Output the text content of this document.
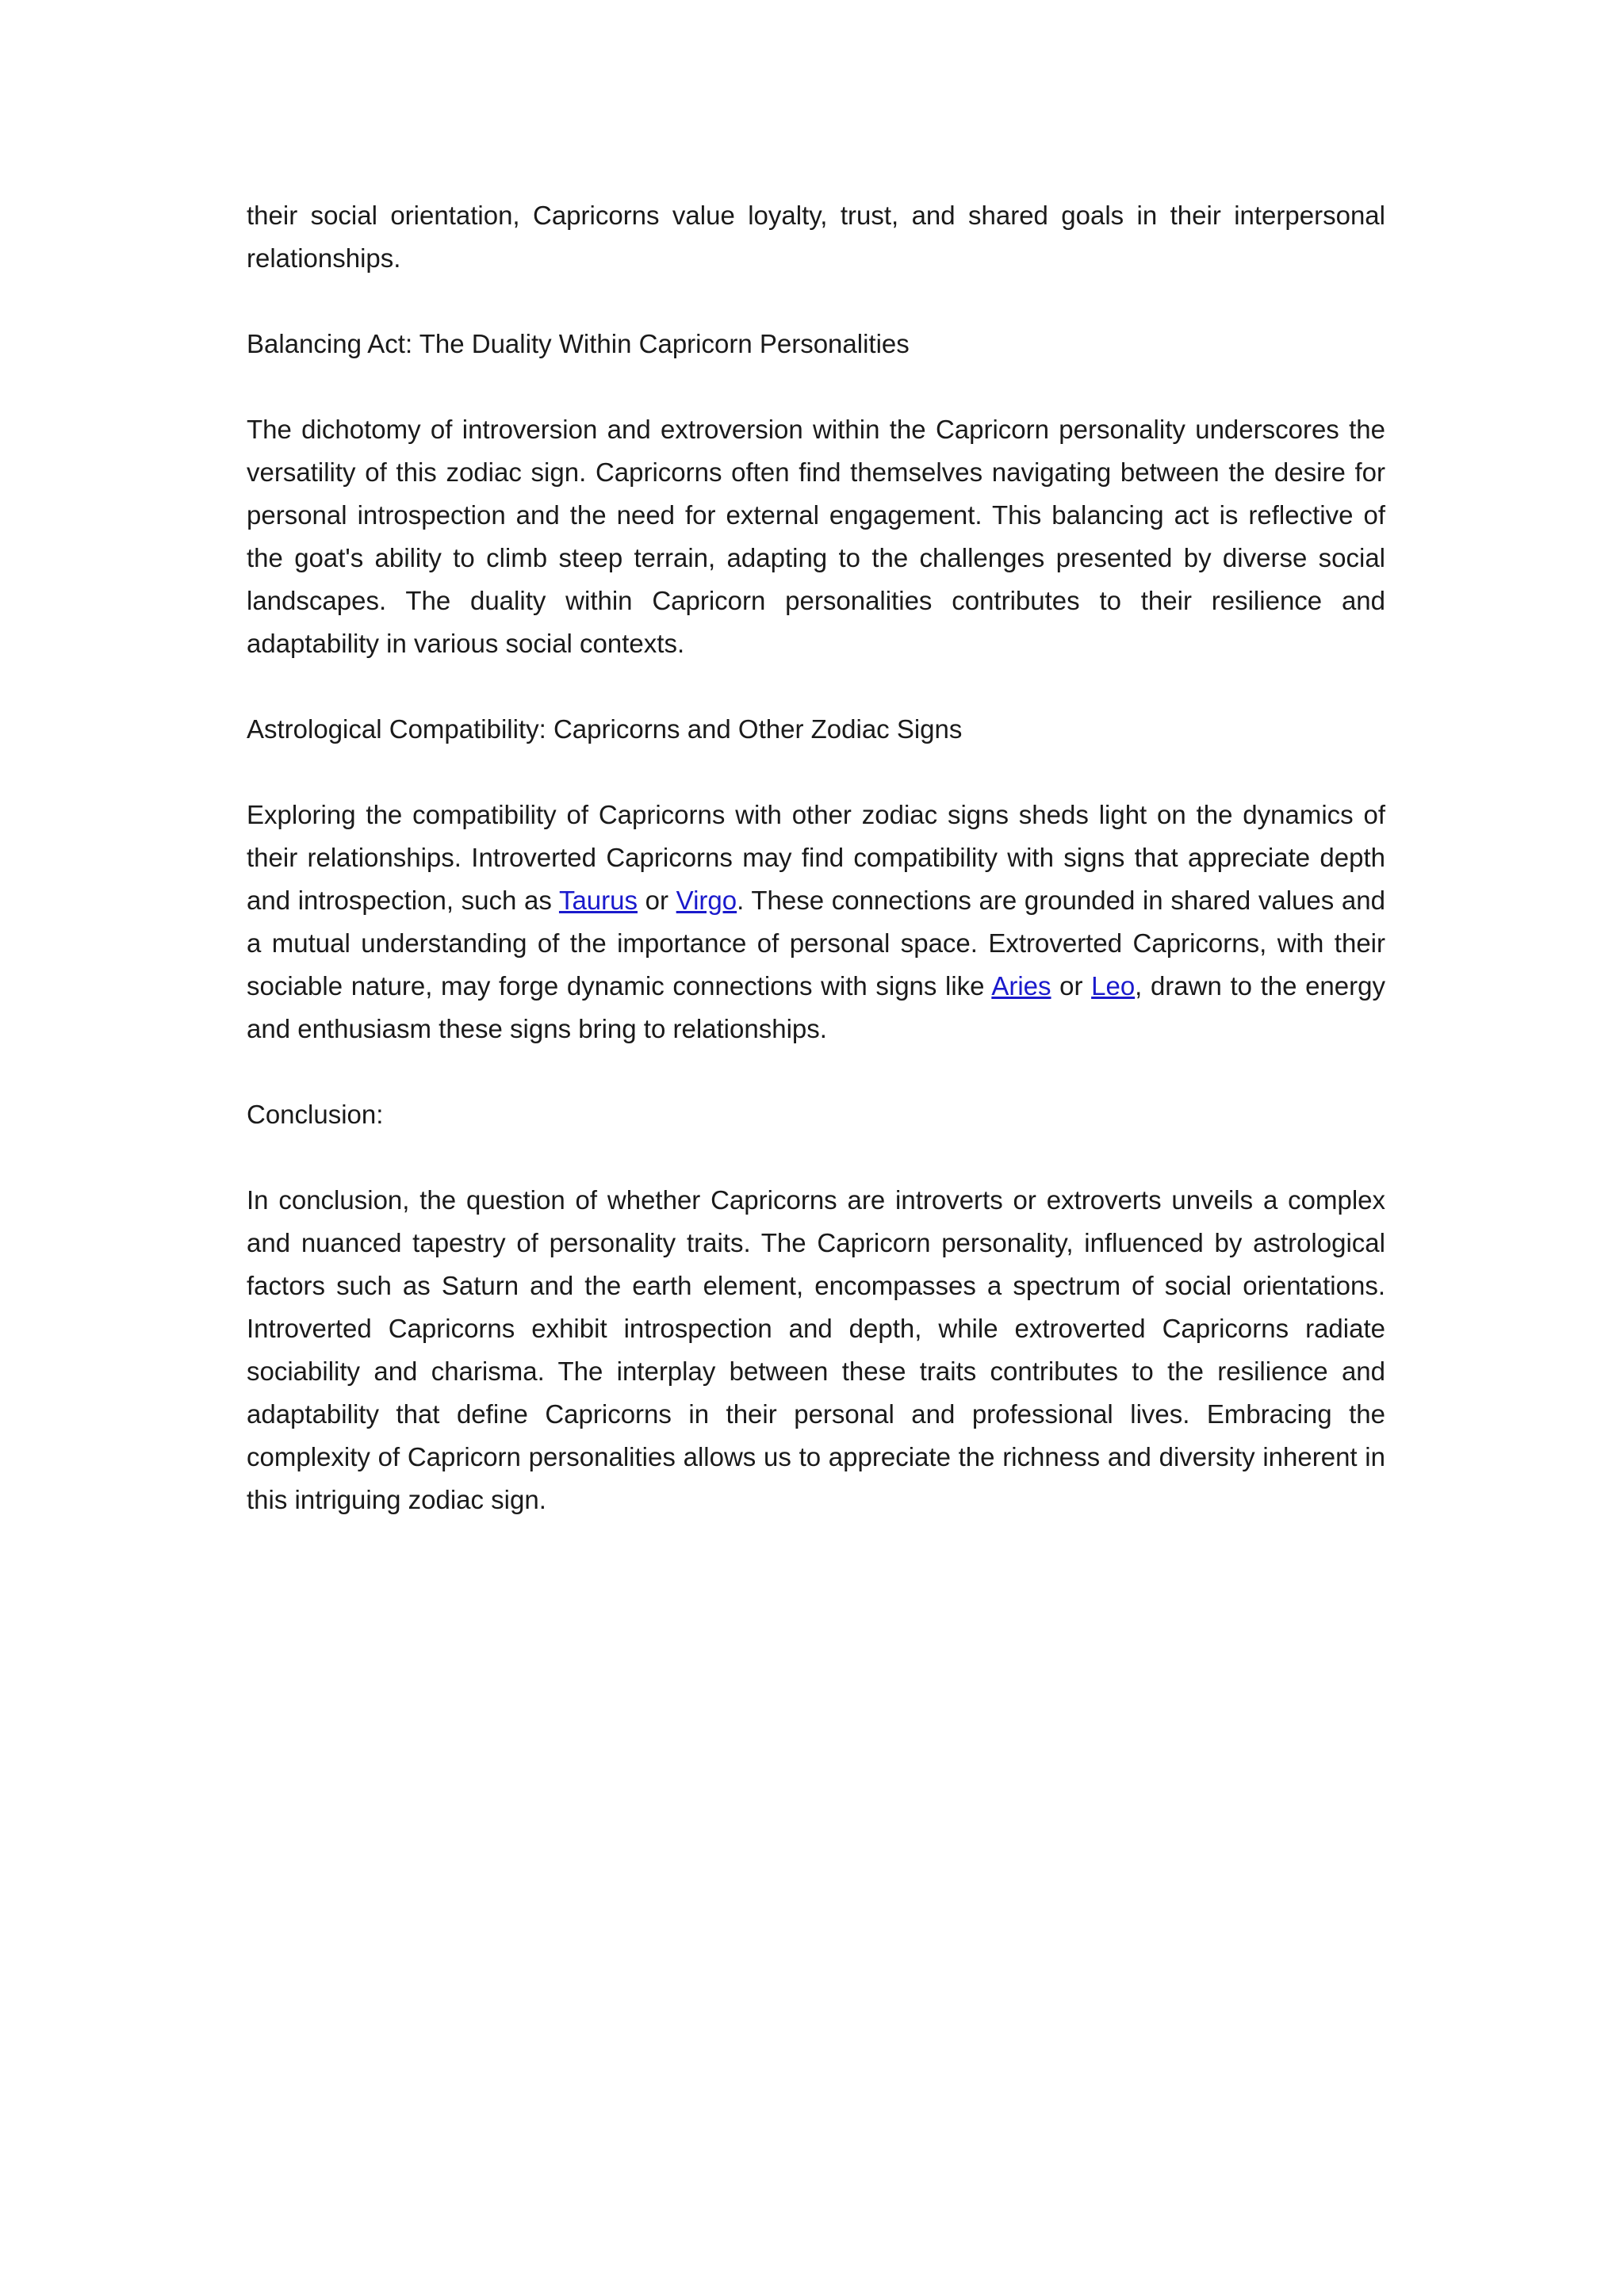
their social orientation, Capricorns value loyalty, trust, and shared goals in their interpersonal relationships.

Balancing Act: The Duality Within Capricorn Personalities

The dichotomy of introversion and extroversion within the Capricorn personality underscores the versatility of this zodiac sign. Capricorns often find themselves navigating between the desire for personal introspection and the need for external engagement. This balancing act is reflective of the goat's ability to climb steep terrain, adapting to the challenges presented by diverse social landscapes. The duality within Capricorn personalities contributes to their resilience and adaptability in various social contexts.

Astrological Compatibility: Capricorns and Other Zodiac Signs

Exploring the compatibility of Capricorns with other zodiac signs sheds light on the dynamics of their relationships. Introverted Capricorns may find compatibility with signs that appreciate depth and introspection, such as Taurus or Virgo. These connections are grounded in shared values and a mutual understanding of the importance of personal space. Extroverted Capricorns, with their sociable nature, may forge dynamic connections with signs like Aries or Leo, drawn to the energy and enthusiasm these signs bring to relationships.

Conclusion:

In conclusion, the question of whether Capricorns are introverts or extroverts unveils a complex and nuanced tapestry of personality traits. The Capricorn personality, influenced by astrological factors such as Saturn and the earth element, encompasses a spectrum of social orientations. Introverted Capricorns exhibit introspection and depth, while extroverted Capricorns radiate sociability and charisma. The interplay between these traits contributes to the resilience and adaptability that define Capricorns in their personal and professional lives. Embracing the complexity of Capricorn personalities allows us to appreciate the richness and diversity inherent in this intriguing zodiac sign.
